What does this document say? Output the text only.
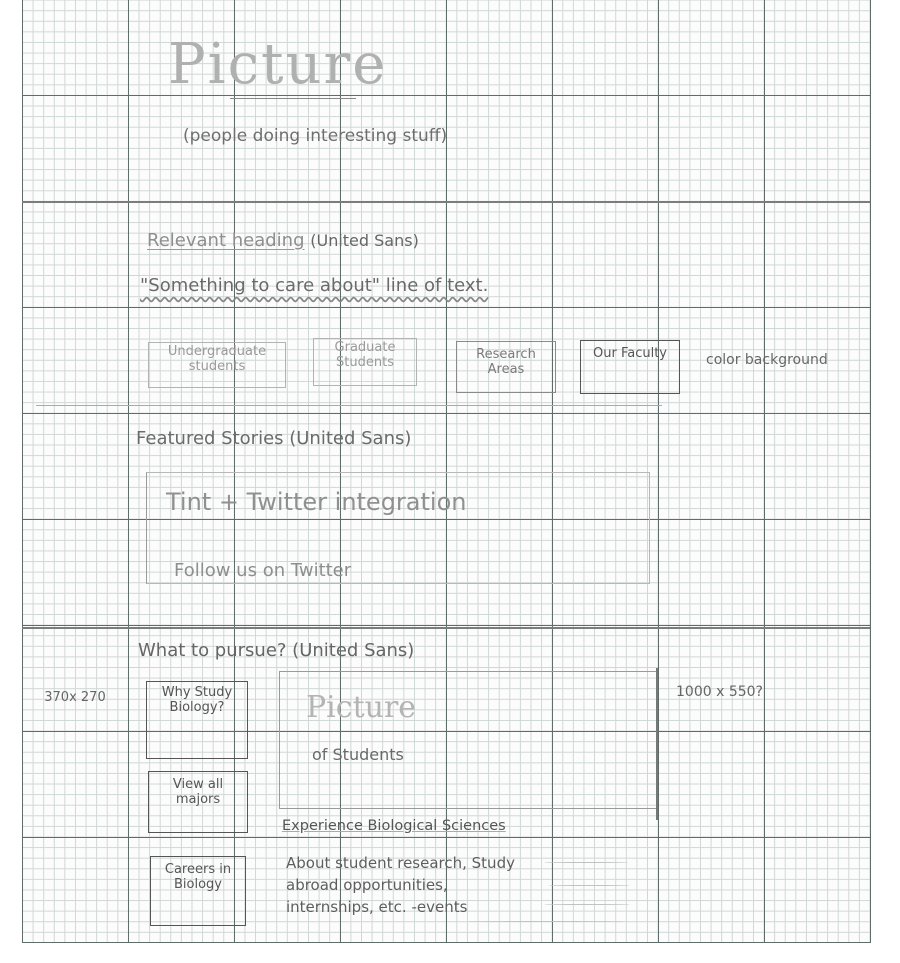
Picture
(people doing interesting stuff)
Relevant heading (United Sans)
"Something to care about" line of text.
Undergraduate students
Graduate Students
Research Areas
Our Faculty	color background
Featured Stories (United Sans)
Tint + Twitter integration
Follow us on Twitter
What to pursue? (United Sans)
370x 270	1000 x 550?
Why Study Biology?
View all majors
Careers in Biology
Picture
of Students
Experience Biological Sciences
About student research, Study abroad opportunities, internships, etc. -events
